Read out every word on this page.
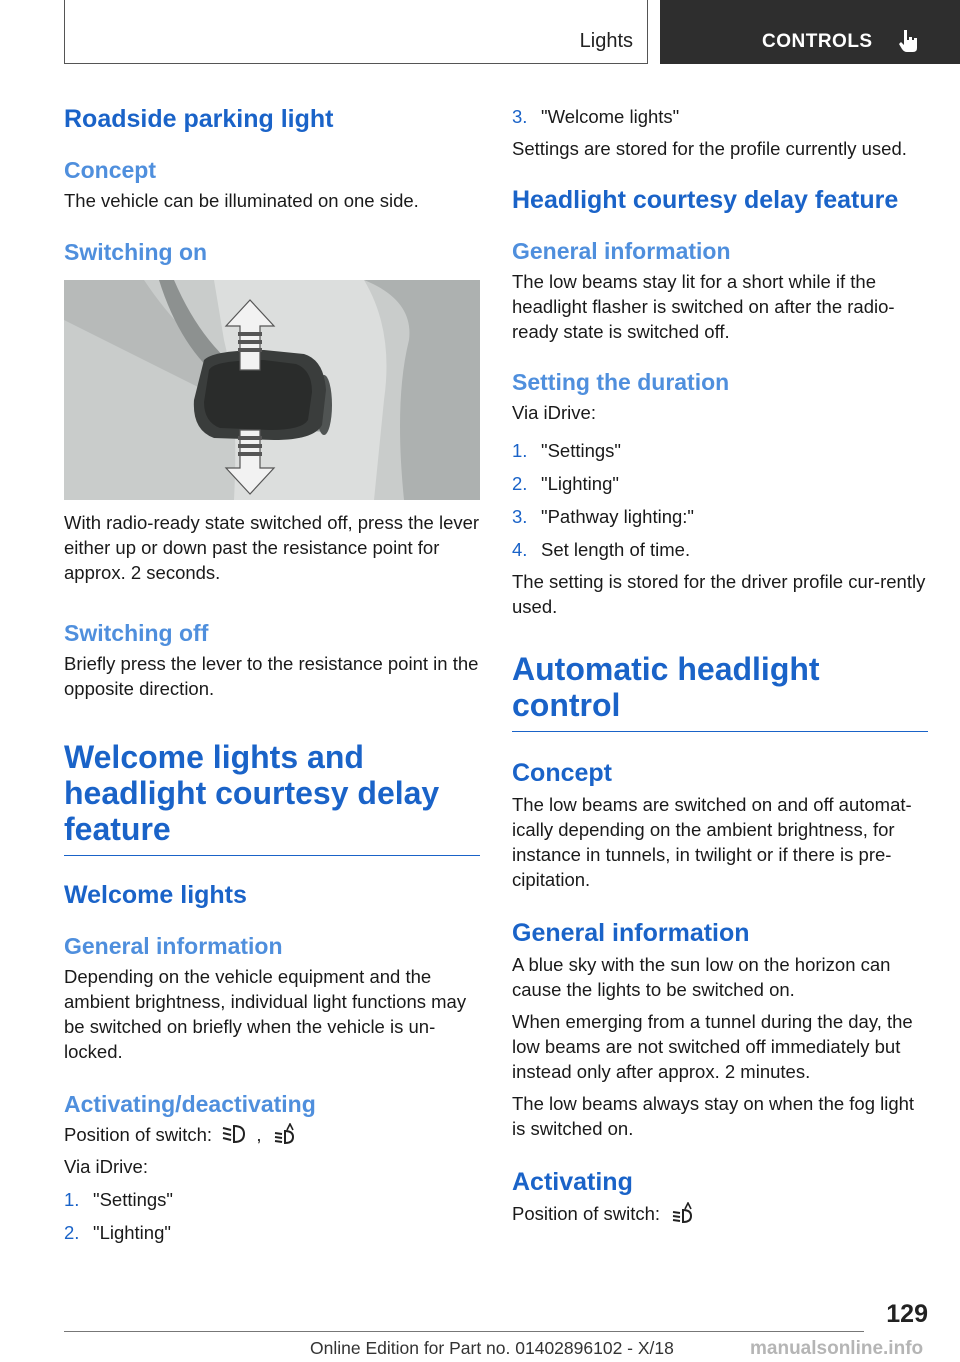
Lights	CONTROLS
Roadside parking light
Concept

The vehicle can be illuminated on one side.

Switching on

With radio-ready state switched off, press the lever either up or down past the resistance point for approx. 2 seconds.

Switching off

Briefly press the lever to the resistance point in the opposite direction.

Welcome lights and headlight courtesy delay feature
Welcome lights
General information

Depending on the vehicle equipment and the ambient brightness, individual light functions may be switched on briefly when the vehicle is un-locked.

Activating/deactivating

Position of switch: ,

Via iDrive:

1. "Settings"
2. "Lighting"
3. "Welcome lights"

Settings are stored for the profile currently used.

Headlight courtesy delay feature
General information

The low beams stay lit for a short while if the headlight flasher is switched on after the radio-ready state is switched off.

Setting the duration

Via iDrive:

1. "Settings"
2. "Lighting"
3. "Pathway lighting:"
4. Set length of time.

The setting is stored for the driver profile cur-rently used.

Automatic headlight control
Concept

The low beams are switched on and off automat-ically depending on the ambient brightness, for instance in tunnels, in twilight or if there is pre-cipitation.

General information

A blue sky with the sun low on the horizon can cause the lights to be switched on.

When emerging from a tunnel during the day, the low beams are not switched off immediately but instead only after approx. 2 minutes.

The low beams always stay on when the fog light is switched on.

Activating

Position of switch:

129
Online Edition for Part no. 01402896102 - X/18	manualsonline.info
